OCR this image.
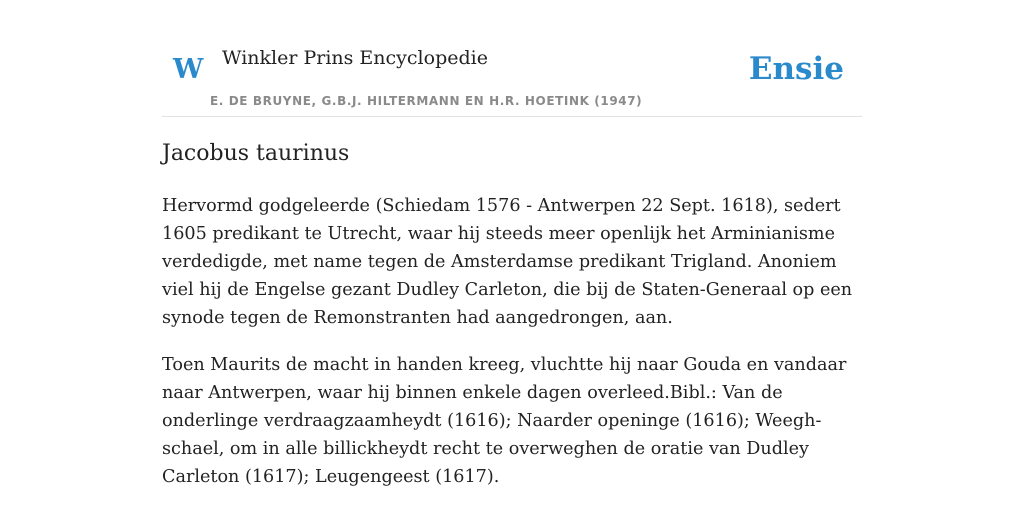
W Winkler Prins Encyclopedie
E. DE BRUYNE, G.B.J. HILTERMANN EN H.R. HOETINK (1947)
Ensie
Jacobus taurinus

Hervormd godgeleerde (Schiedam 1576 - Antwerpen 22 Sept. 1618), sedert 1605 predikant te Utrecht, waar hij steeds meer openlijk het Arminianisme verdedigde, met name tegen de Amsterdamse predikant Trigland. Anoniem viel hij de Engelse gezant Dudley Carleton, die bij de Staten-Generaal op een synode tegen de Remonstranten had aangedrongen, aan.

Toen Maurits de macht in handen kreeg, vluchtte hij naar Gouda en vandaar naar Antwerpen, waar hij binnen enkele dagen overleed.Bibl.: Van de onderlinge verdraagzaamheydt (1616); Naarder openinge (1616); Weegh-schael, om in alle billickheydt recht te overweghen de oratie van Dudley Carleton (1617); Leugengeest (1617).
